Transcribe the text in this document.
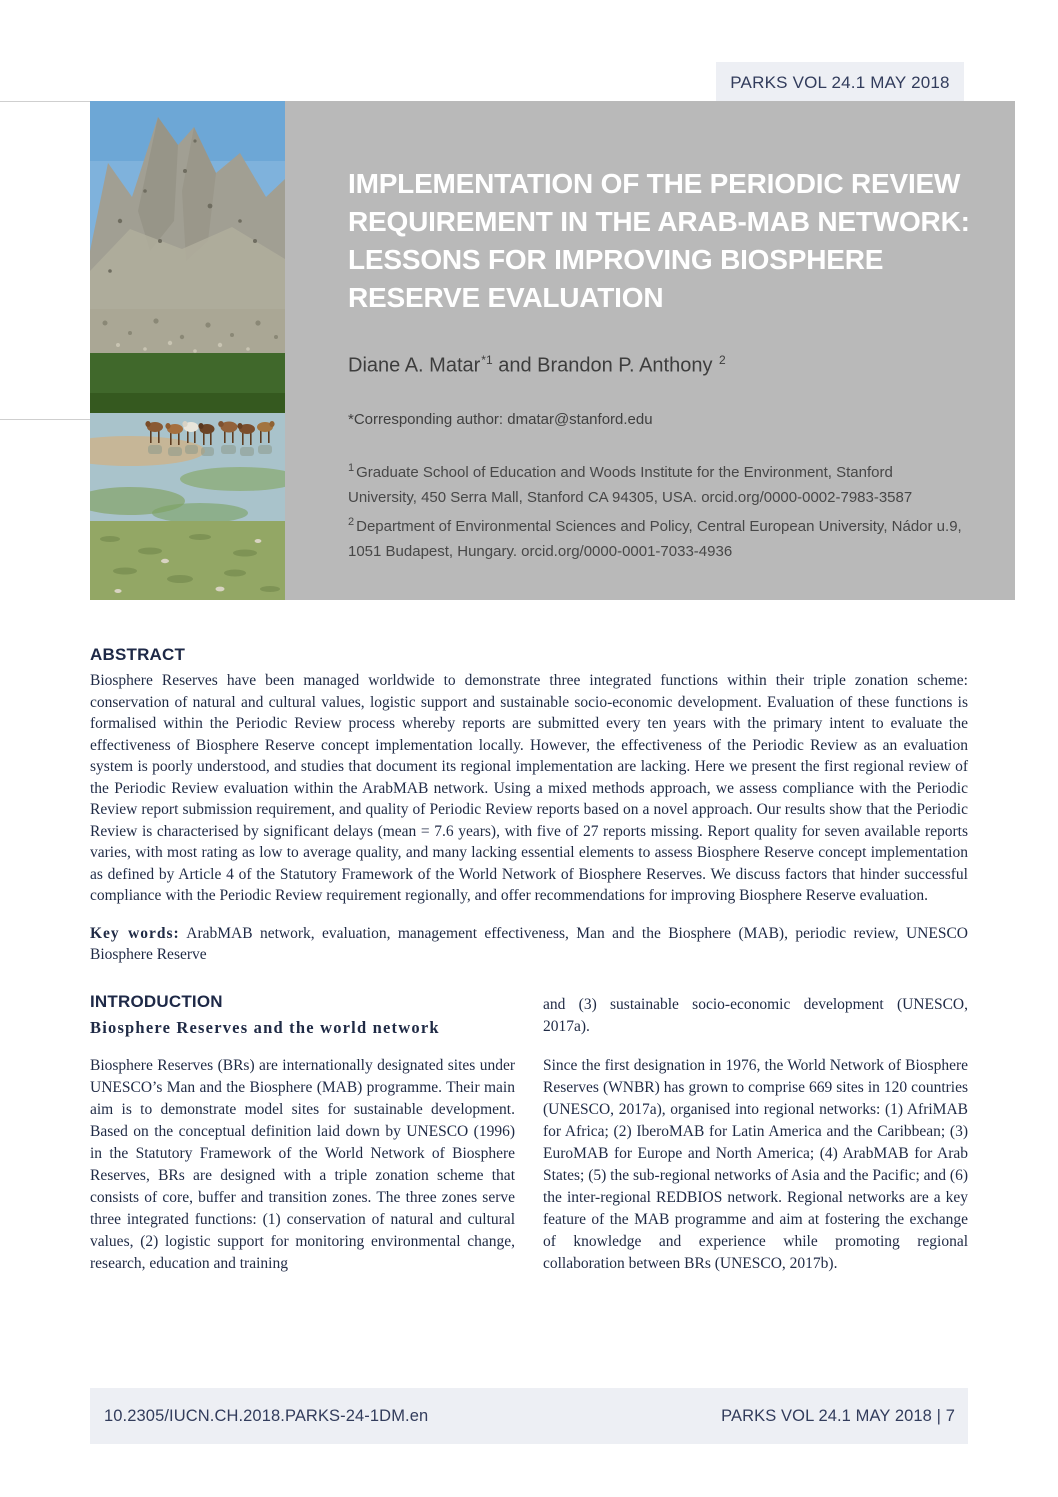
PARKS VOL 24.1 MAY 2018
IMPLEMENTATION OF THE PERIODIC REVIEW
REQUIREMENT IN THE ARAB-MAB NETWORK:
LESSONS FOR IMPROVING BIOSPHERE
RESERVE EVALUATION
Diane A. Matar$^{*1}$ and Brandon P. Anthony $^2$
*Corresponding author: dmatar@stanford.edu

$^1$ Graduate School of Education and Woods Institute for the Environment, Stanford University, 450 Serra Mall, Stanford CA 94305, USA. orcid.org/0000-0002-7983-3587

$^2$ Department of Environmental Sciences and Policy, Central European University, Nádor u.9, 1051 Budapest, Hungary. orcid.org/0000-0001-7033-4936

ABSTRACT

Biosphere Reserves have been managed worldwide to demonstrate three integrated functions within their triple zonation scheme: conservation of natural and cultural values, logistic support and sustainable socio-economic development. Evaluation of these functions is formalised within the Periodic Review process whereby reports are submitted every ten years with the primary intent to evaluate the effectiveness of Biosphere Reserve concept implementation locally. However, the effectiveness of the Periodic Review as an evaluation system is poorly understood, and studies that document its regional implementation are lacking. Here we present the first regional review of the Periodic Review evaluation within the ArabMAB network. Using a mixed methods approach, we assess compliance with the Periodic Review report submission requirement, and quality of Periodic Review reports based on a novel approach. Our results show that the Periodic Review is characterised by significant delays (mean = 7.6 years), with five of 27 reports missing. Report quality for seven available reports varies, with most rating as low to average quality, and many lacking essential elements to assess Biosphere Reserve concept implementation as defined by Article 4 of the Statutory Framework of the World Network of Biosphere Reserves. We discuss factors that hinder successful compliance with the Periodic Review requirement regionally, and offer recommendations for improving Biosphere Reserve evaluation.

Key words: ArabMAB network, evaluation, management effectiveness, Man and the Biosphere (MAB), periodic review, UNESCO Biosphere Reserve

INTRODUCTION
Biosphere Reserves and the world network

Biosphere Reserves (BRs) are internationally designated sites under UNESCO’s Man and the Biosphere (MAB) programme. Their main aim is to demonstrate model sites for sustainable development. Based on the conceptual definition laid down by UNESCO (1996) in the Statutory Framework of the World Network of Biosphere Reserves, BRs are designed with a triple zonation scheme that consists of core, buffer and transition zones. The three zones serve three integrated functions: (1) conservation of natural and cultural values, (2) logistic support for monitoring environmental change, research, education and training

and (3) sustainable socio-economic development (UNESCO, 2017a).

Since the first designation in 1976, the World Network of Biosphere Reserves (WNBR) has grown to comprise 669 sites in 120 countries (UNESCO, 2017a), organised into regional networks: (1) AfriMAB for Africa; (2) IberoMAB for Latin America and the Caribbean; (3) EuroMAB for Europe and North America; (4) ArabMAB for Arab States; (5) the sub-regional networks of Asia and the Pacific; and (6) the inter-regional REDBIOS network. Regional networks are a key feature of the MAB programme and aim at fostering the exchange of knowledge and experience while promoting regional collaboration between BRs (UNESCO, 2017b).

10.2305/IUCN.CH.2018.PARKS-24-1DM.en	PARKS VOL 24.1 MAY 2018 | 7
